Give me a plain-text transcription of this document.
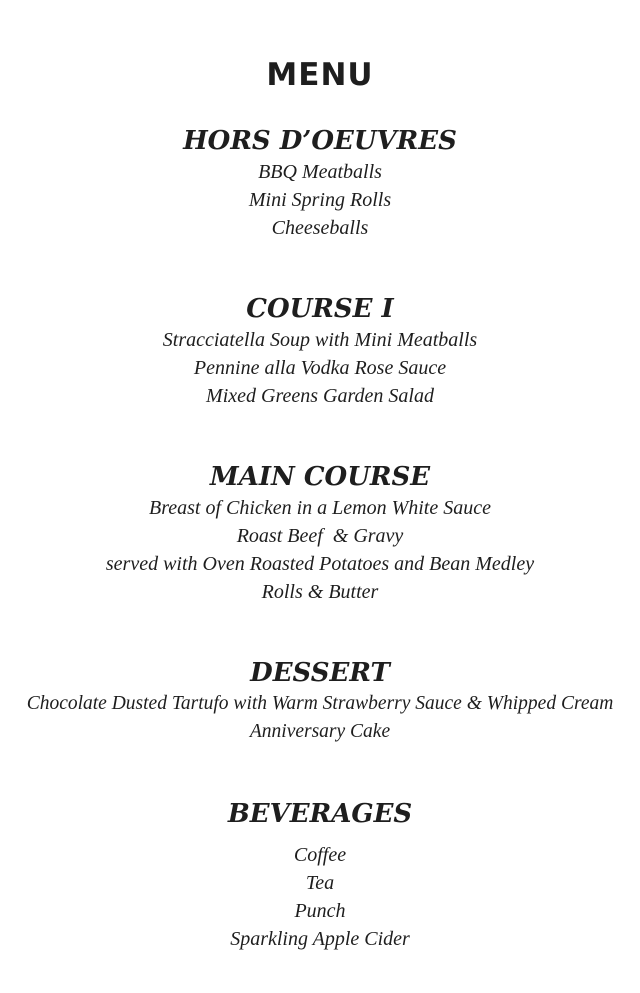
MENU
HORS D’OEUVRES
BBQ Meatballs
Mini Spring Rolls
Cheeseballs
COURSE I
Stracciatella Soup with Mini Meatballs
Pennine alla Vodka Rose Sauce
Mixed Greens Garden Salad
MAIN COURSE
Breast of Chicken in a Lemon White Sauce
Roast Beef  & Gravy
served with Oven Roasted Potatoes and Bean Medley
Rolls & Butter
DESSERT
Chocolate Dusted Tartufo with Warm Strawberry Sauce & Whipped Cream
Anniversary Cake
BEVERAGES
Coffee
Tea
Punch
Sparkling Apple Cider
